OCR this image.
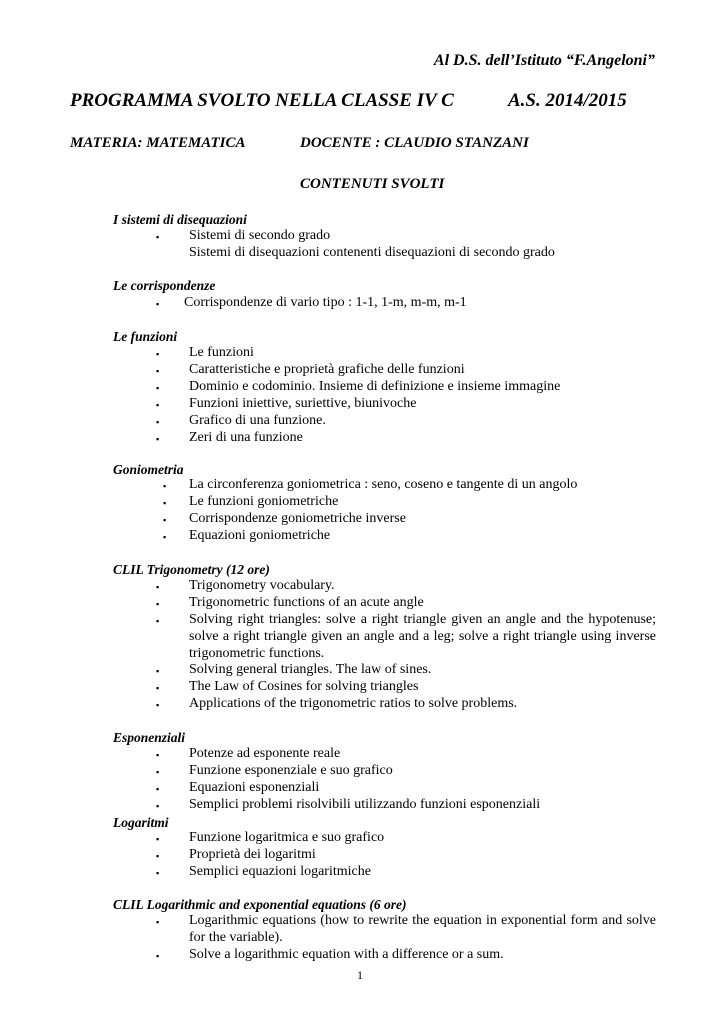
Al D.S. dell’Istituto “F.Angeloni”
PROGRAMMA SVOLTO NELLA CLASSE IV C	A.S. 2014/2015
MATERIA: MATEMATICA	DOCENTE : CLAUDIO STANZANI
CONTENUTI SVOLTI
I sistemi di disequazioni
▪ Sistemi di secondo grado
Sistemi di disequazioni contenenti disequazioni di secondo grado
Le corrispondenze
▪ Corrispondenze di vario tipo : 1-1, 1-m, m-m, m-1
Le funzioni
▪ Le funzioni
▪ Caratteristiche e proprietà grafiche delle funzioni
▪ Dominio e codominio. Insieme di definizione e insieme immagine
▪ Funzioni iniettive, suriettive, biunivoche
▪ Grafico di una funzione.
▪ Zeri di una funzione
Goniometria
▪ La circonferenza goniometrica : seno, coseno e tangente di un angolo
▪ Le funzioni goniometriche
▪ Corrispondenze goniometriche inverse
▪ Equazioni goniometriche
CLIL Trigonometry (12 ore)
▪ Trigonometry vocabulary.
▪ Trigonometric functions of an acute angle
▪ Solving right triangles: solve a right triangle given an angle and the hypotenuse; solve a right triangle given an angle and a leg; solve a right triangle using inverse trigonometric functions.
▪ Solving general triangles. The law of sines.
▪ The Law of Cosines for solving triangles
▪ Applications of the trigonometric ratios to solve problems.
Esponenziali
▪ Potenze ad esponente reale
▪ Funzione esponenziale e suo grafico
▪ Equazioni esponenziali
▪ Semplici problemi risolvibili utilizzando funzioni esponenziali
Logaritmi
▪ Funzione logaritmica e suo grafico
▪ Proprietà dei logaritmi
▪ Semplici equazioni logaritmiche
CLIL Logarithmic and exponential equations (6 ore)
▪ Logarithmic equations (how to rewrite the equation in exponential form and solve for the variable).
▪ Solve a logarithmic equation with a difference or a sum.
1
